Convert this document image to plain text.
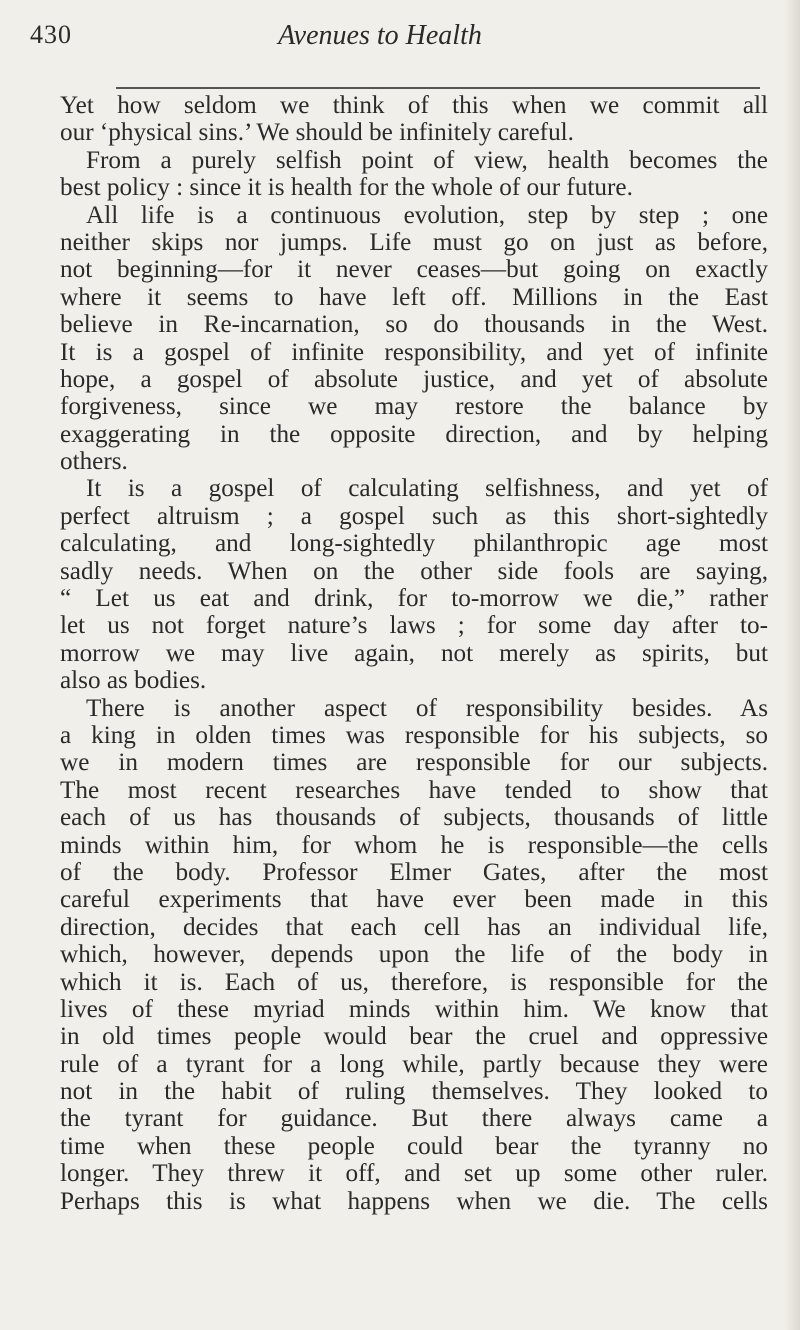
430	Avenues to Health
Yet how seldom we think of this when we commit all
our ‘physical sins.’ We should be infinitely careful.
From a purely selfish point of view, health becomes the
best policy : since it is health for the whole of our future.
All life is a continuous evolution, step by step ; one
neither skips nor jumps. Life must go on just as before,
not beginning—for it never ceases—but going on exactly
where it seems to have left off. Millions in the East
believe in Re-incarnation, so do thousands in the West.
It is a gospel of infinite responsibility, and yet of infinite
hope, a gospel of absolute justice, and yet of absolute
forgiveness, since we may restore the balance by
exaggerating in the opposite direction, and by helping
others.
It is a gospel of calculating selfishness, and yet of
perfect altruism ; a gospel such as this short-sightedly
calculating, and long-sightedly philanthropic age most
sadly needs. When on the other side fools are saying,
“ Let us eat and drink, for to-morrow we die,” rather
let us not forget nature’s laws ; for some day after to-
morrow we may live again, not merely as spirits, but
also as bodies.
There is another aspect of responsibility besides. As
a king in olden times was responsible for his subjects, so
we in modern times are responsible for our subjects.
The most recent researches have tended to show that
each of us has thousands of subjects, thousands of little
minds within him, for whom he is responsible—the cells
of the body. Professor Elmer Gates, after the most
careful experiments that have ever been made in this
direction, decides that each cell has an individual life,
which, however, depends upon the life of the body in
which it is. Each of us, therefore, is responsible for the
lives of these myriad minds within him. We know that
in old times people would bear the cruel and oppressive
rule of a tyrant for a long while, partly because they were
not in the habit of ruling themselves. They looked to
the tyrant for guidance. But there always came a
time when these people could bear the tyranny no
longer. They threw it off, and set up some other ruler.
Perhaps this is what happens when we die. The cells
